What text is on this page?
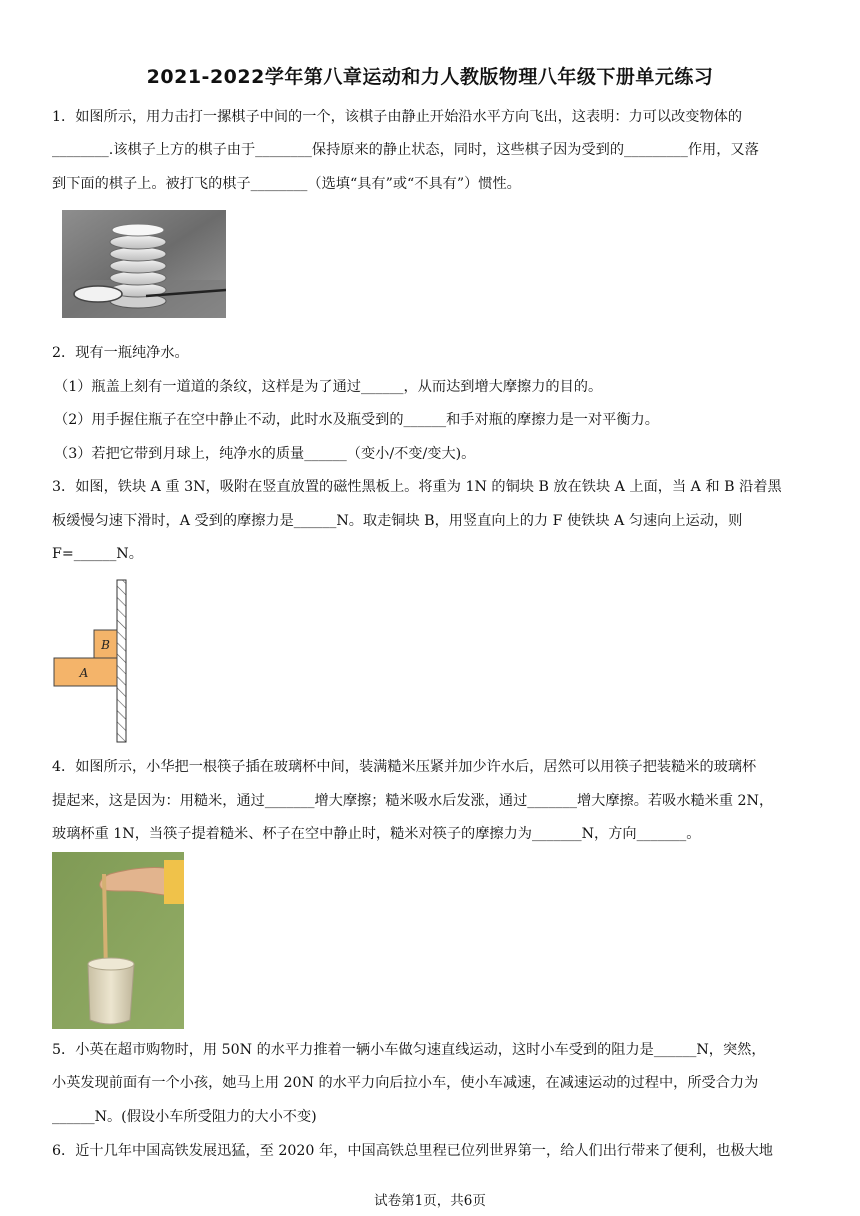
2021-2022学年第八章运动和力人教版物理八年级下册单元练习
1．如图所示，用力击打一摞棋子中间的一个，该棋子由静止开始沿水平方向飞出，这表明：力可以改变物体的
________.该棋子上方的棋子由于________保持原来的静止状态，同时，这些棋子因为受到的_________作用，又落
到下面的棋子上。被打飞的棋子________（选填“具有”或“不具有”）惯性。
2．现有一瓶纯净水。
（1）瓶盖上刻有一道道的条纹，这样是为了通过______，从而达到增大摩擦力的目的。
（2）用手握住瓶子在空中静止不动，此时水及瓶受到的______和手对瓶的摩擦力是一对平衡力。
（3）若把它带到月球上，纯净水的质量______（变小/不变/变大)。
3．如图，铁块 A 重 3N，吸附在竖直放置的磁性黑板上。将重为 1N 的铜块 B 放在铁块 A 上面，当 A 和 B 沿着黑
板缓慢匀速下滑时，A 受到的摩擦力是______N。取走铜块 B，用竖直向上的力 F 使铁块 A 匀速向上运动，则
F=______N。
B
A
4．如图所示，小华把一根筷子插在玻璃杯中间，装满糙米压紧并加少许水后，居然可以用筷子把装糙米的玻璃杯
提起来，这是因为：用糙米，通过_______增大摩擦；糙米吸水后发涨，通过_______增大摩擦。若吸水糙米重 2N，
玻璃杯重 1N，当筷子提着糙米、杯子在空中静止时，糙米对筷子的摩擦力为_______N，方向_______。
5．小英在超市购物时，用 50N 的水平力推着一辆小车做匀速直线运动，这时小车受到的阻力是______N，突然，
小英发现前面有一个小孩，她马上用 20N 的水平力向后拉小车，使小车减速，在减速运动的过程中，所受合力为
______N。(假设小车所受阻力的大小不变)
6．近十几年中国高铁发展迅猛，至 2020 年，中国高铁总里程已位列世界第一，给人们出行带来了便利，也极大地
试卷第1页，共6页
